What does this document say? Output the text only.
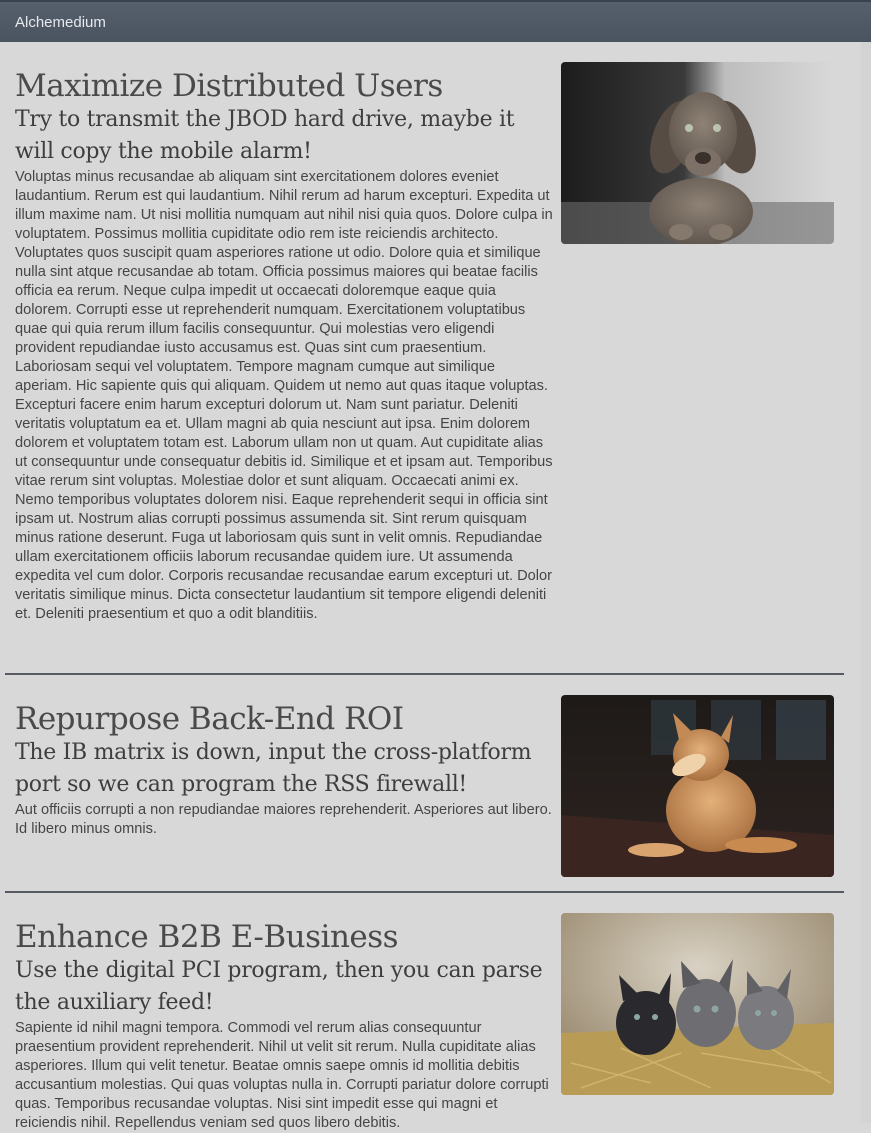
Alchemedium
Maximize Distributed Users
Try to transmit the JBOD hard drive, maybe it will copy the mobile alarm!

Voluptas minus recusandae ab aliquam sint exercitationem dolores eveniet laudantium. Rerum est qui laudantium. Nihil rerum ad harum excepturi. Expedita ut illum maxime nam. Ut nisi mollitia numquam aut nihil nisi quia quos. Dolore culpa in voluptatem. Possimus mollitia cupiditate odio rem iste reiciendis architecto. Voluptates quos suscipit quam asperiores ratione ut odio. Dolore quia et similique nulla sint atque recusandae ab totam. Officia possimus maiores qui beatae facilis officia ea rerum. Neque culpa impedit ut occaecati doloremque eaque quia dolorem. Corrupti esse ut reprehenderit numquam. Exercitationem voluptatibus quae qui quia rerum illum facilis consequuntur. Qui molestias vero eligendi provident repudiandae iusto accusamus est. Quas sint cum praesentium. Laboriosam sequi vel voluptatem. Tempore magnam cumque aut similique aperiam. Hic sapiente quis qui aliquam. Quidem ut nemo aut quas itaque voluptas. Excepturi facere enim harum excepturi dolorum ut. Nam sunt pariatur. Deleniti veritatis voluptatum ea et. Ullam magni ab quia nesciunt aut ipsa. Enim dolorem dolorem et voluptatem totam est. Laborum ullam non ut quam. Aut cupiditate alias ut consequuntur unde consequatur debitis id. Similique et et ipsam aut. Temporibus vitae rerum sint voluptas. Molestiae dolor et sunt aliquam. Occaecati animi ex. Nemo temporibus voluptates dolorem nisi. Eaque reprehenderit sequi in officia sint ipsam ut. Nostrum alias corrupti possimus assumenda sit. Sint rerum quisquam minus ratione deserunt. Fuga ut laboriosam quis sunt in velit omnis. Repudiandae ullam exercitationem officiis laborum recusandae quidem iure. Ut assumenda expedita vel cum dolor. Corporis recusandae recusandae earum excepturi ut. Dolor veritatis similique minus. Dicta consectetur laudantium sit tempore eligendi deleniti et. Deleniti praesentium et quo a odit blanditiis.

Repurpose Back-End ROI
The IB matrix is down, input the cross-platform port so we can program the RSS firewall!

Aut officiis corrupti a non repudiandae maiores reprehenderit. Asperiores aut libero. Id libero minus omnis.

Enhance B2B E-Business
Use the digital PCI program, then you can parse the auxiliary feed!

Sapiente id nihil magni tempora. Commodi vel rerum alias consequuntur praesentium provident reprehenderit. Nihil ut velit sit rerum. Nulla cupiditate alias asperiores. Illum qui velit tenetur. Beatae omnis saepe omnis id mollitia debitis accusantium molestias. Qui quas voluptas nulla in. Corrupti pariatur dolore corrupti quas. Temporibus recusandae voluptas. Nisi sint impedit esse qui magni et reiciendis nihil. Repellendus veniam sed quos libero debitis.
